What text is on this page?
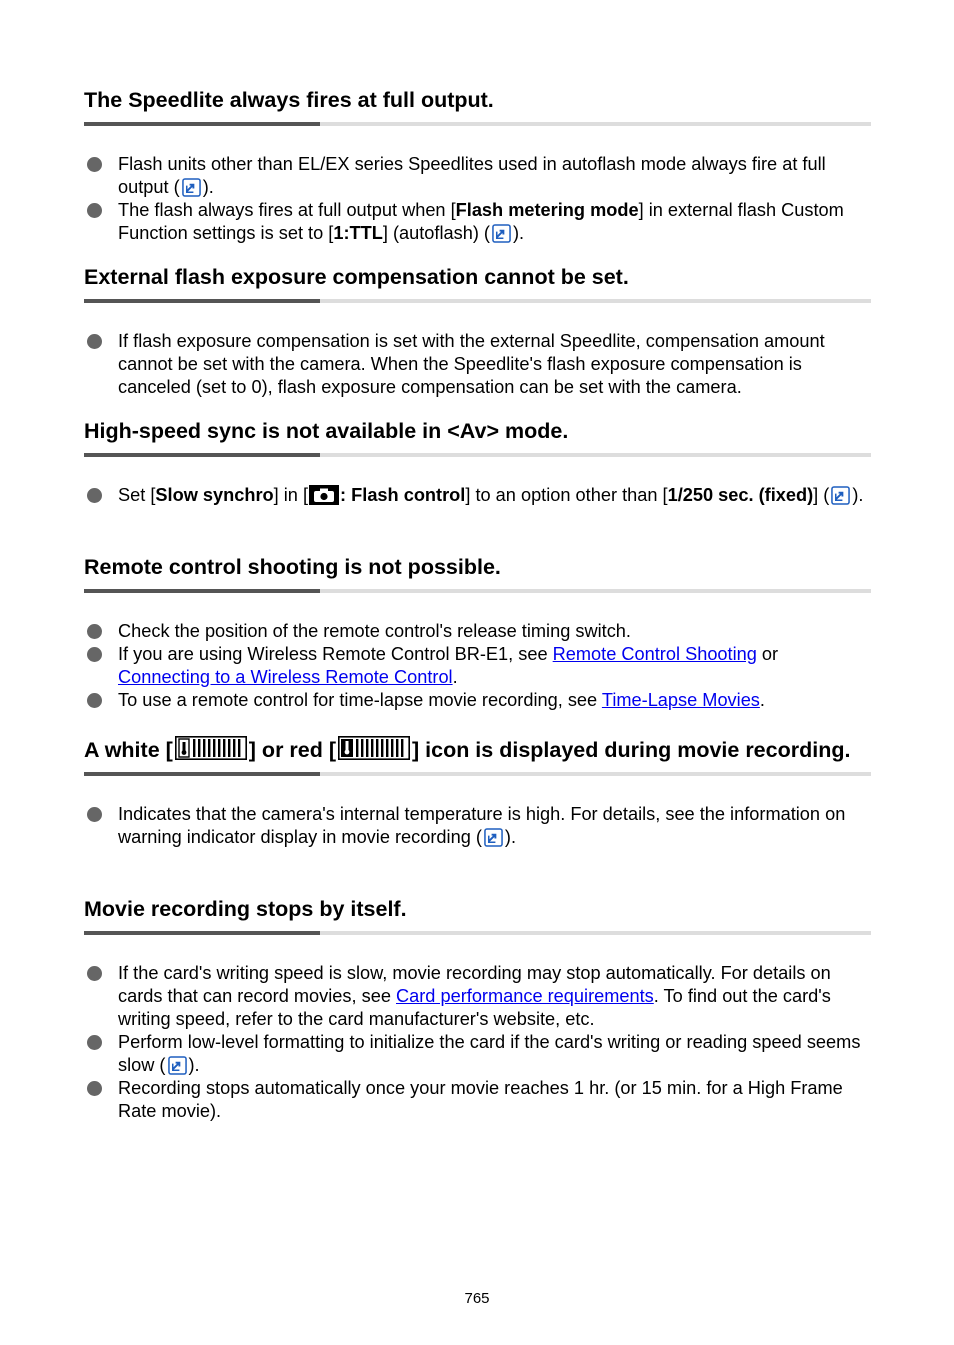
The Speedlite always fires at full output.
Flash units other than EL/EX series Speedlites used in autoflash mode always fire at full output ( ).
The flash always fires at full output when [Flash metering mode] in external flash Custom Function settings is set to [1:TTL] (autoflash) ( ).
External flash exposure compensation cannot be set.
If flash exposure compensation is set with the external Speedlite, compensation amount cannot be set with the camera. When the Speedlite's flash exposure compensation is canceled (set to 0), flash exposure compensation can be set with the camera.
High-speed sync is not available in <Av> mode.
Set [Slow synchro] in [ : Flash control] to an option other than [1/250 sec. (fixed)] ( ).
Remote control shooting is not possible.
Check the position of the remote control's release timing switch.
If you are using Wireless Remote Control BR-E1, see Remote Control Shooting or Connecting to a Wireless Remote Control.
To use a remote control for time-lapse movie recording, see Time-Lapse Movies.
A white [	] or red [	] icon is displayed during movie recording.
Indicates that the camera's internal temperature is high. For details, see the information on warning indicator display in movie recording ( ).
Movie recording stops by itself.
If the card's writing speed is slow, movie recording may stop automatically. For details on cards that can record movies, see Card performance requirements. To find out the card's writing speed, refer to the card manufacturer's website, etc.
Perform low-level formatting to initialize the card if the card's writing or reading speed seems slow ( ).
Recording stops automatically once your movie reaches 1 hr. (or 15 min. for a High Frame Rate movie).
765
